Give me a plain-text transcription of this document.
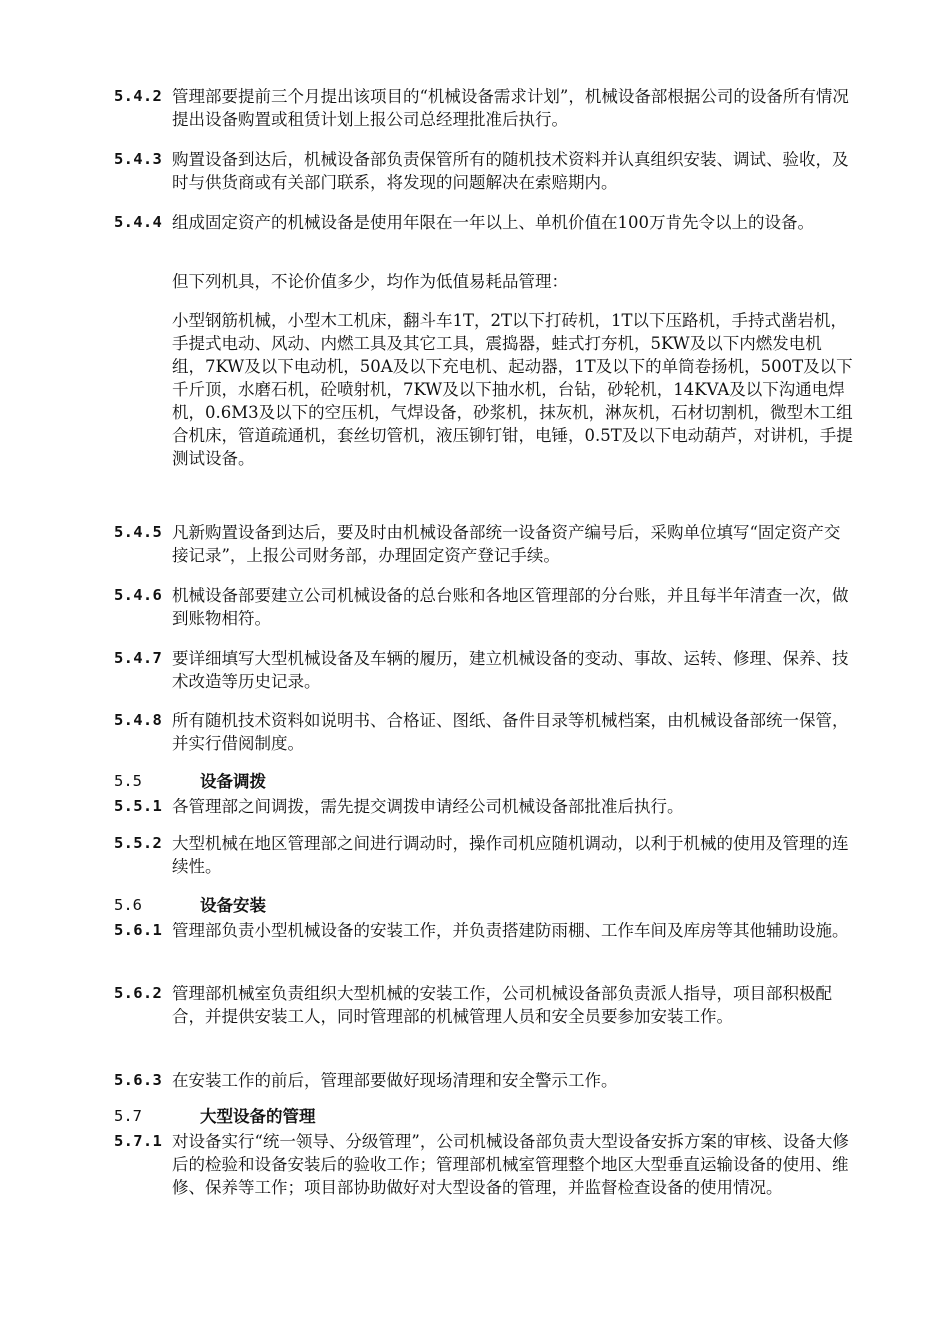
5.4.2 管理部要提前三个月提出该项目的“机械设备需求计划”，机械设备部根据公司的设备所有情况提出设备购置或租赁计划上报公司总经理批准后执行。
5.4.3 购置设备到达后，机械设备部负责保管所有的随机技术资料并认真组织安装、调试、验收，及时与供货商或有关部门联系，将发现的问题解决在索赔期内。
5.4.4 组成固定资产的机械设备是使用年限在一年以上、单机价值在100万肯先令以上的设备。
但下列机具，不论价值多少，均作为低值易耗品管理：
小型钢筋机械，小型木工机床，翻斗车1T，2T以下打砖机，1T以下压路机，手持式凿岩机，手提式电动、风动、内燃工具及其它工具，震捣器，蛙式打夯机，5KW及以下内燃发电机组，7KW及以下电动机，50A及以下充电机、起动器，1T及以下的单筒卷扬机，500T及以下千斤顶，水磨石机，砼喷射机，7KW及以下抽水机，台钻，砂轮机，14KVA及以下沟通电焊机，0.6M3及以下的空压机，气焊设备，砂浆机，抹灰机，淋灰机，石材切割机，微型木工组合机床，管道疏通机，套丝切管机，液压铆钉钳，电锤，0.5T及以下电动葫芦，对讲机，手提测试设备。
5.4.5 凡新购置设备到达后，要及时由机械设备部统一设备资产编号后，采购单位填写“固定资产交接记录”，上报公司财务部，办理固定资产登记手续。
5.4.6 机械设备部要建立公司机械设备的总台账和各地区管理部的分台账，并且每半年清查一次，做到账物相符。
5.4.7 要详细填写大型机械设备及车辆的履历，建立机械设备的变动、事故、运转、修理、保养、技术改造等历史记录。
5.4.8 所有随机技术资料如说明书、合格证、图纸、备件目录等机械档案，由机械设备部统一保管，并实行借阅制度。
5.5	设备调拨
5.5.1 各管理部之间调拨，需先提交调拨申请经公司机械设备部批准后执行。
5.5.2 大型机械在地区管理部之间进行调动时，操作司机应随机调动，以利于机械的使用及管理的连续性。
5.6	设备安装
5.6.1 管理部负责小型机械设备的安装工作，并负责搭建防雨棚、工作车间及库房等其他辅助设施。
5.6.2 管理部机械室负责组织大型机械的安装工作，公司机械设备部负责派人指导，项目部积极配合，并提供安装工人，同时管理部的机械管理人员和安全员要参加安装工作。
5.6.3 在安装工作的前后，管理部要做好现场清理和安全警示工作。
5.7	大型设备的管理
5.7.1 对设备实行“统一领导、分级管理”，公司机械设备部负责大型设备安拆方案的审核、设备大修后的检验和设备安装后的验收工作；管理部机械室管理整个地区大型垂直运输设备的使用、维修、保养等工作；项目部协助做好对大型设备的管理，并监督检查设备的使用情况。
